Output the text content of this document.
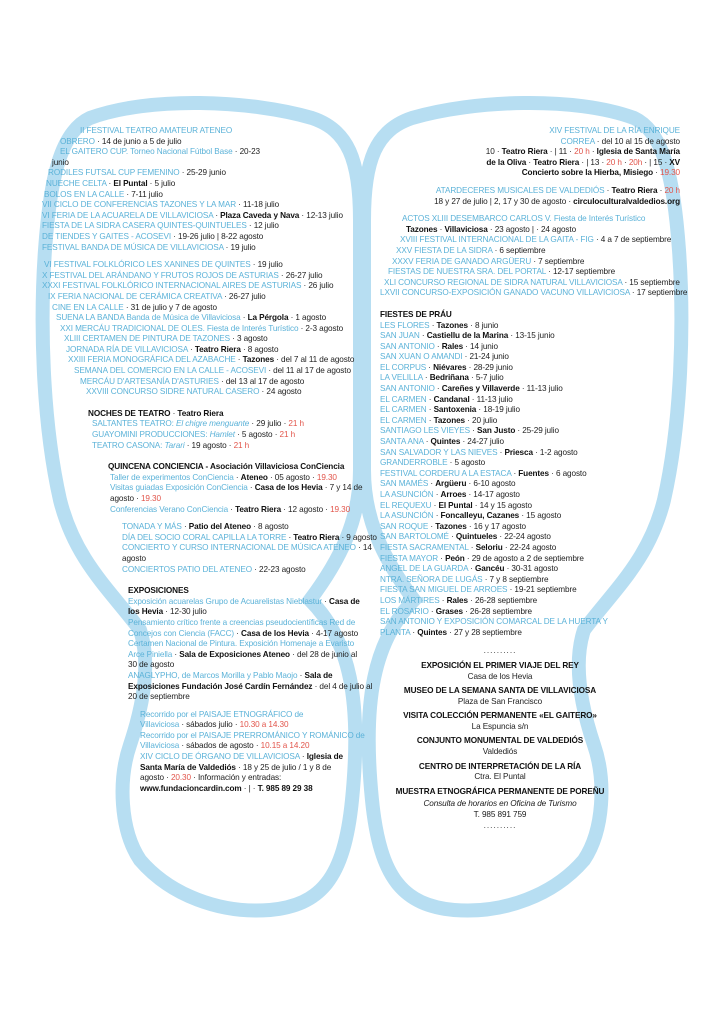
II FESTIVAL TEATRO AMATEUR ATENEO

OBRERO · 14 de junio a 5 de julio

EL GAITERO CUP. Torneo Nacional Fútbol Base · 20-23

junio

RODILES FUTSAL CUP FEMENINO · 25-29 junio

NUECHE CELTA · El Puntal · 5 julio

BOLOS EN LA CALLE · 7-11 julio

VII CICLO DE CONFERENCIAS TAZONES Y LA MAR · 11-18 julio

VI FERIA DE LA ACUARELA DE VILLAVICIOSA · Plaza Caveda y Nava · 12-13 julio

FIESTA DE LA SIDRA CASERA QUINTES-QUINTUELES · 12 julio

DE TIENDES Y GAITES - ACOSEVI · 19-26 julio | 8-22 agosto

FESTIVAL BANDA DE MÚSICA DE VILLAVICIOSA · 19 julio

VI FESTIVAL FOLKLÓRICO LES XANINES DE QUINTES · 19 julio

X FESTIVAL DEL ARÁNDANO Y FRUTOS ROJOS DE ASTURIAS · 26-27 julio

XXXI FESTIVAL FOLKLÓRICO INTERNACIONAL AIRES DE ASTURIAS · 26 julio

IX FERIA NACIONAL DE CERÁMICA CREATIVA · 26-27 julio

CINE EN LA CALLE · 31 de julio y 7 de agosto

SUENA LA BANDA Banda de Música de Villaviciosa · La Pérgola · 1 agosto

XXI MERCÁU TRADICIONAL DE OLES. Fiesta de Interés Turístico · 2-3 agosto

XLIII CERTAMEN DE PINTURA DE TAZONES · 3 agosto

JORNADA RÍA DE VILLAVICIOSA · Teatro Riera · 8 agosto

XXIII FERIA MONOGRÁFICA DEL AZABACHE · Tazones · del 7 al 11 de agosto

SEMANA DEL COMERCIO EN LA CALLE - ACOSEVI · del 11 al 17 de agosto

MERCÁU D'ARTESANÍA D'ASTURIES · del 13 al 17 de agosto

XXVIII CONCURSO SIDRE NATURAL CASERO · 24 agosto

NOCHES DE TEATRO · Teatro Riera

SALTANTES TEATRO: El chigre menguante · 29 julio · 21 h

GUAYOMINI PRODUCCIONES: Hamlet · 5 agosto · 21 h

TEATRO CASONA: Tarari · 19 agosto · 21 h

QUINCENA CONCIENCIA - Asociación Villaviciosa ConCiencia

Taller de experimentos ConCiencia · Ateneo · 05 agosto · 19.30

Visitas guiadas Exposición ConCiencia · Casa de los Hevia · 7 y 14 de

agosto · 19.30

Conferencias Verano ConCiencia · Teatro Riera · 12 agosto · 19.30

TONADA Y MÁS · Patio del Ateneo · 8 agosto

DÍA DEL SOCIO CORAL CAPILLA LA TORRE · Teatro Riera · 9 agosto

CONCIERTO Y CURSO INTERNACIONAL DE MÚSICA ATENEO · 14

agosto

CONCIERTOS PATIO DEL ATENEO · 22-23 agosto

EXPOSICIONES

Exposición acuarelas Grupo de Acuarelistas Nieblastur · Casa de

los Hevia · 12-30 julio

Pensamiento crítico frente a creencias pseudocientíficas Red de

Concejos con Ciencia (FACC) · Casa de los Hevia · 4-17 agosto

Certamen Nacional de Pintura. Exposición Homenaje a Evaristo

Arce Piniella · Sala de Exposiciones Ateneo · del 28 de junio al

30 de agosto

ANAGLYPHO, de Marcos Morilla y Pablo Maojo · Sala de

Exposiciones Fundación José Cardín Fernández · del 4 de julio al

20 de septiembre

Recorrido por el PAISAJE ETNOGRÁFICO de

Villaviciosa · sábados julio · 10.30 a 14.30

Recorrido por el PAISAJE PRERROMÁNICO Y ROMÁNICO de

Villaviciosa · sábados de agosto · 10.15 a 14.20

XIV CICLO DE ÓRGANO DE VILLAVICIOSA · Iglesia de

Santa María de Valdediós · 18 y 25 de julio / 1 y 8 de

agosto · 20.30 · Información y entradas:

www.fundacioncardin.com · | · T. 985 89 29 38

XIV FESTIVAL DE LA RÍA ENRIQUE

CORREA · del 10 al 15 de agosto

10 · Teatro Riera · | 11 · 20 h · Iglesia de Santa María

de la Oliva · Teatro Riera · | 13 · 20 h · 20h · | 15 · XV

Concierto sobre la Hierba, Misiego · 19.30

ATARDECERES MUSICALES DE VALDEDIÓS · Teatro Riera · 20 h

18 y 27 de julio | 2, 17 y 30 de agosto · circuloculturalvaldedios.org

ACTOS XLIII DESEMBARCO CARLOS V. Fiesta de Interés Turístico

Tazones · Villaviciosa · 23 agosto | · 24 agosto

XVIII FESTIVAL INTERNACIONAL DE LA GAITA - FIG · 4 a 7 de septiembre

XXV FIESTA DE LA SIDRA · 6 septiembre

XXXV FERIA DE GANADO ARGÜERU · 7 septiembre

FIESTAS DE NUESTRA SRA. DEL PORTAL · 12-17 septiembre

XLI CONCURSO REGIONAL DE SIDRA NATURAL VILLAVICIOSA · 15 septiembre

LXVII CONCURSO-EXPOSICIÓN GANADO VACUNO VILLAVICIOSA · 17 septiembre

FIESTES DE PRÁU

LES FLORES · Tazones · 8 junio

SAN JUAN · Castiellu de la Marina · 13-15 junio

SAN ANTONIO · Rales · 14 junio

SAN XUAN O AMANDI · 21-24 junio

EL CORPUS · Niévares · 28-29 junio

LA VELILLA · Bedriñana · 5-7 julio

SAN ANTONIO · Careñes y Villaverde · 11-13 julio

EL CARMEN · Candanal · 11-13 julio

EL CARMEN · Santoxenia · 18-19 julio

EL CARMEN · Tazones · 20 julio

SANTIAGO LES VIEYES · San Justo · 25-29 julio

SANTA ANA · Quintes · 24-27 julio

SAN SALVADOR Y LAS NIEVES · Priesca · 1-2 agosto

GRANDERROBLE · 5 agosto

FESTIVAL CORDERU A LA ESTACA · Fuentes · 6 agosto

SAN MAMÉS · Argüeru · 6-10 agosto

LA ASUNCIÓN · Arroes · 14-17 agosto

EL REQUEXU · El Puntal · 14 y 15 agosto

LA ASUNCIÓN · Foncalleyu, Cazanes · 15 agosto

SAN ROQUE · Tazones · 16 y 17 agosto

SAN BARTOLOMÉ · Quintueles · 22-24 agosto

FIESTA SACRAMENTAL · Seloriu · 22-24 agosto

FIESTA MAYOR · Peón · 29 de agosto a 2 de septiembre

ANGEL DE LA GUARDA · Gancéu · 30-31 agosto

NTRA. SEÑORA DE LUGÁS · 7 y 8 septiembre

FIESTA SAN MIGUEL DE ARROES · 19-21 septiembre

LOS MÁRTIRES · Rales · 26-28 septiembre

EL ROSARIO · Grases · 26-28 septiembre

SAN ANTONIO Y EXPOSICIÓN COMARCAL DE LA HUERTA Y

PLANTA · Quintes · 27 y 28 septiembre

..........

EXPOSICIÓN EL PRIMER VIAJE DEL REY

Casa de los Hevia

MUSEO DE LA SEMANA SANTA DE VILLAVICIOSA

Plaza de San Francisco

VISITA COLECCIÓN PERMANENTE «EL GAITERO»

La Espuncia s/n

CONJUNTO MONUMENTAL DE VALDEDIÓS

Valdediós

CENTRO DE INTERPRETACIÓN DE LA RÍA

Ctra. El Puntal

MUESTRA ETNOGRÁFICA PERMANENTE DE POREÑU

Consulta de horarios en Oficina de Turismo

T. 985 891 759

..........
